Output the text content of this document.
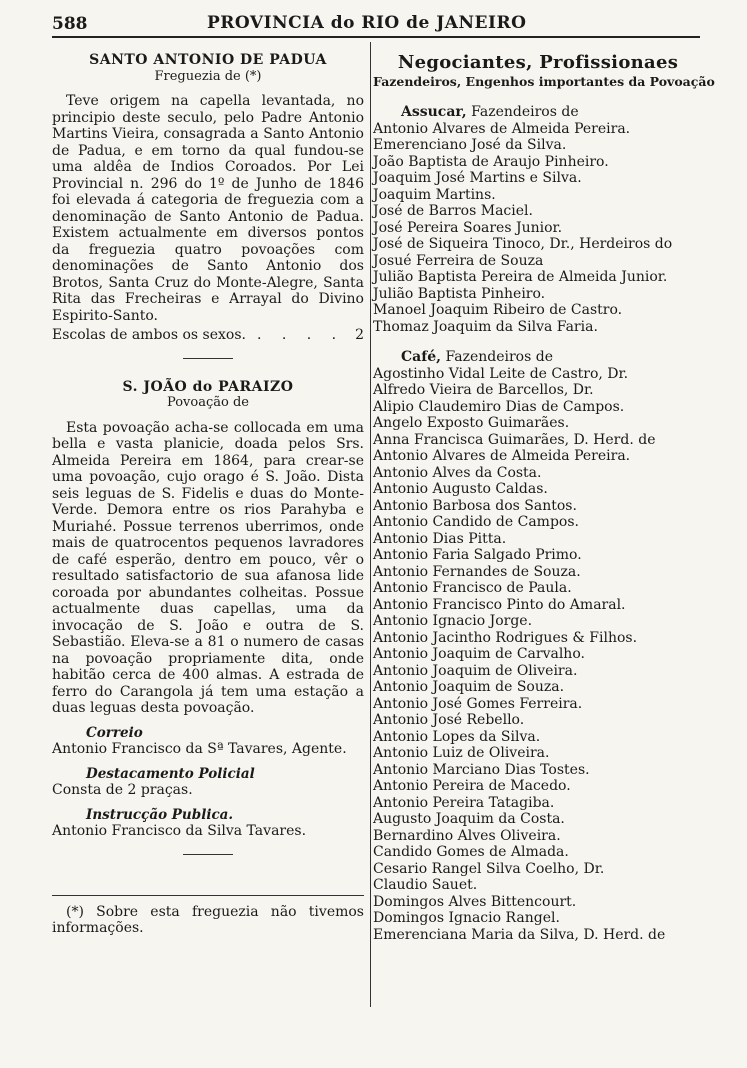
588	PROVINCIA do RIO de JANEIRO
SANTO ANTONIO DE PADUA
Freguezia de (*)

Teve origem na capella levantada, no principio deste seculo, pelo Padre Antonio Martins Vieira, consagrada a Santo Antonio de Padua, e em torno da qual fundou-se uma aldêa de Indios Coroados. Por Lei Provincial n. 296 do 1º de Junho de 1846 foi elevada á categoria de freguezia com a denominação de Santo Antonio de Padua. Existem actualmente em diversos pontos da freguezia quatro povoações com denominações de Santo Antonio dos Brotos, Santa Cruz do Monte-Alegre, Santa Rita das Frecheiras e Arrayal do Divino Espirito-Santo.

Escolas de ambos os sexos. . . . . 2
S. JOÃO do PARAIZO
Povoação de

Esta povoação acha-se collocada em uma bella e vasta planicie, doada pelos Srs. Almeida Pereira em 1864, para crear-se uma povoação, cujo orago é S. João. Dista seis leguas de S. Fidelis e duas do Monte-Verde. Demora entre os rios Parahyba e Muriahé. Possue terrenos uberrimos, onde mais de quatrocentos pequenos lavradores de café esperão, dentro em pouco, vêr o resultado satisfactorio de sua afanosa lide coroada por abundantes colheitas. Possue actualmente duas capellas, uma da invocação de S. João e outra de S. Sebastião. Eleva-se a 81 o numero de casas na povoação propriamente dita, onde habitão cerca de 400 almas. A estrada de ferro do Carangola já tem uma estação a duas leguas desta povoação.

Correio
Antonio Francisco da Sª Tavares, Agente.
Destacamento Policial
Consta de 2 praças.
Instrucção Publica.
Antonio Francisco da Silva Tavares.
(*) Sobre esta freguezia não tivemos informações.
Negociantes, Profissionaes
Fazendeiros, Engenhos importantes da Povoação
Assucar, Fazendeiros de
Antonio Alvares de Almeida Pereira.
Emerenciano José da Silva.
João Baptista de Araujo Pinheiro.
Joaquim José Martins e Silva.
Joaquim Martins.
José de Barros Maciel.
José Pereira Soares Junior.
José de Siqueira Tinoco, Dr., Herdeiros do
Josué Ferreira de Souza
Julião Baptista Pereira de Almeida Junior.
Julião Baptista Pinheiro.
Manoel Joaquim Ribeiro de Castro.
Thomaz Joaquim da Silva Faria.
Café, Fazendeiros de
Agostinho Vidal Leite de Castro, Dr.
Alfredo Vieira de Barcellos, Dr.
Alipio Claudemiro Dias de Campos.
Angelo Exposto Guimarães.
Anna Francisca Guimarães, D. Herd. de
Antonio Alvares de Almeida Pereira.
Antonio Alves da Costa.
Antonio Augusto Caldas.
Antonio Barbosa dos Santos.
Antonio Candido de Campos.
Antonio Dias Pitta.
Antonio Faria Salgado Primo.
Antonio Fernandes de Souza.
Antonio Francisco de Paula.
Antonio Francisco Pinto do Amaral.
Antonio Ignacio Jorge.
Antonio Jacintho Rodrigues & Filhos.
Antonio Joaquim de Carvalho.
Antonio Joaquim de Oliveira.
Antonio Joaquim de Souza.
Antonio José Gomes Ferreira.
Antonio José Rebello.
Antonio Lopes da Silva.
Antonio Luiz de Oliveira.
Antonio Marciano Dias Tostes.
Antonio Pereira de Macedo.
Antonio Pereira Tatagiba.
Augusto Joaquim da Costa.
Bernardino Alves Oliveira.
Candido Gomes de Almada.
Cesario Rangel Silva Coelho, Dr.
Claudio Sauet.
Domingos Alves Bittencourt.
Domingos Ignacio Rangel.
Emerenciana Maria da Silva, D. Herd. de
